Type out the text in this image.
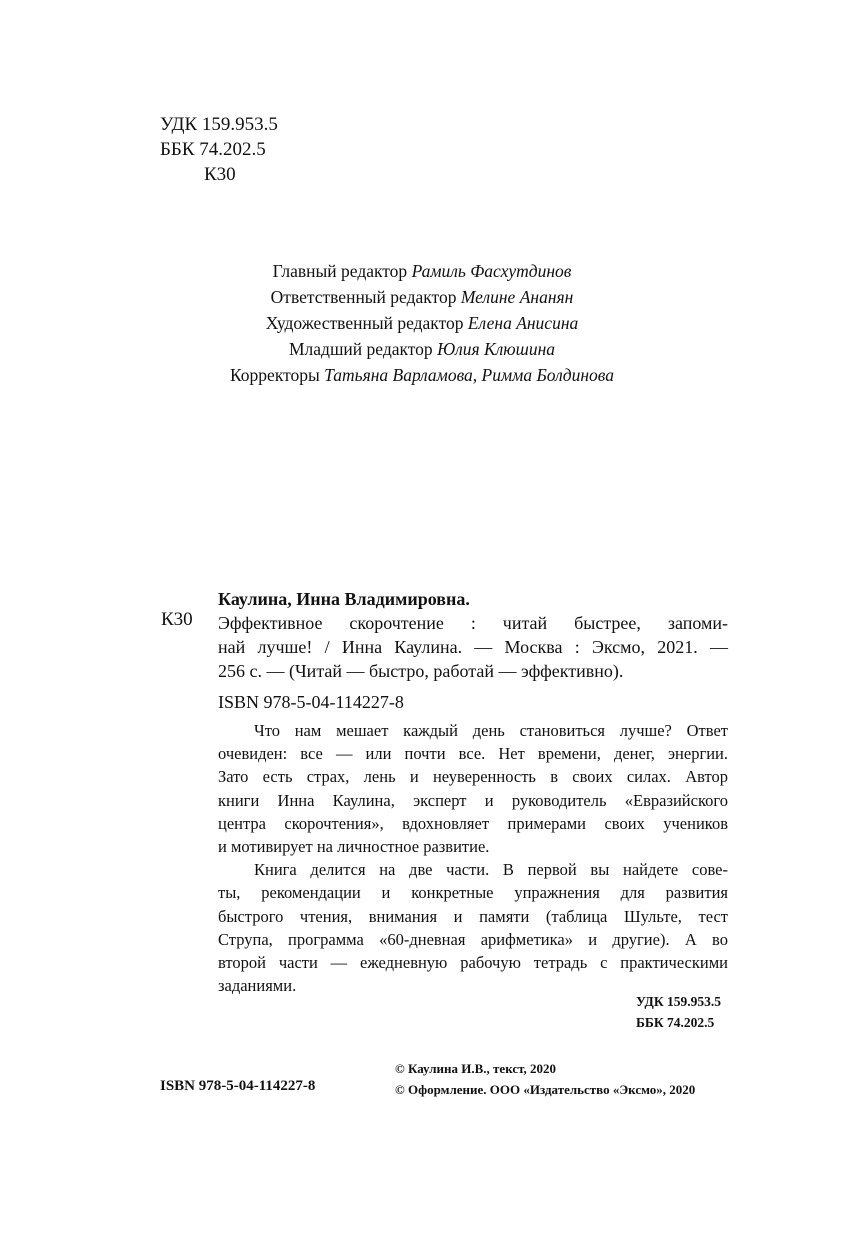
УДК 159.953.5
ББК 74.202.5
К30
Главный редактор Рамиль Фасхутдинов
Ответственный редактор Мелине Ананян
Художественный редактор Елена Анисина
Младший редактор Юлия Клюшина
Корректоры Татьяна Варламова, Римма Болдинова
Каулина, Инна Владимировна.
К30 Эффективное скорочтение : читай быстрее, запоми-
най лучше! / Инна Каулина. — Москва : Эксмо, 2021. —
256 с. — (Читай — быстро, работай — эффективно).
ISBN 978-5-04-114227-8
Что нам мешает каждый день становиться лучше? Ответ
очевиден: все — или почти все. Нет времени, денег, энергии.
Зато есть страх, лень и неуверенность в своих силах. Автор
книги Инна Каулина, эксперт и руководитель «Евразийского
центра скорочтения», вдохновляет примерами своих учеников
и мотивирует на личностное развитие.
Книга делится на две части. В первой вы найдете сове-
ты, рекомендации и конкретные упражнения для развития
быстрого чтения, внимания и памяти (таблица Шульте, тест
Струпа, программа «60-дневная арифметика» и другие). А во
второй части — ежедневную рабочую тетрадь с практическими
заданиями.
УДК 159.953.5
ББК 74.202.5
ISBN 978-5-04-114227-8
© Каулина И.В., текст, 2020
© Оформление. ООО «Издательство «Эксмо», 2020
